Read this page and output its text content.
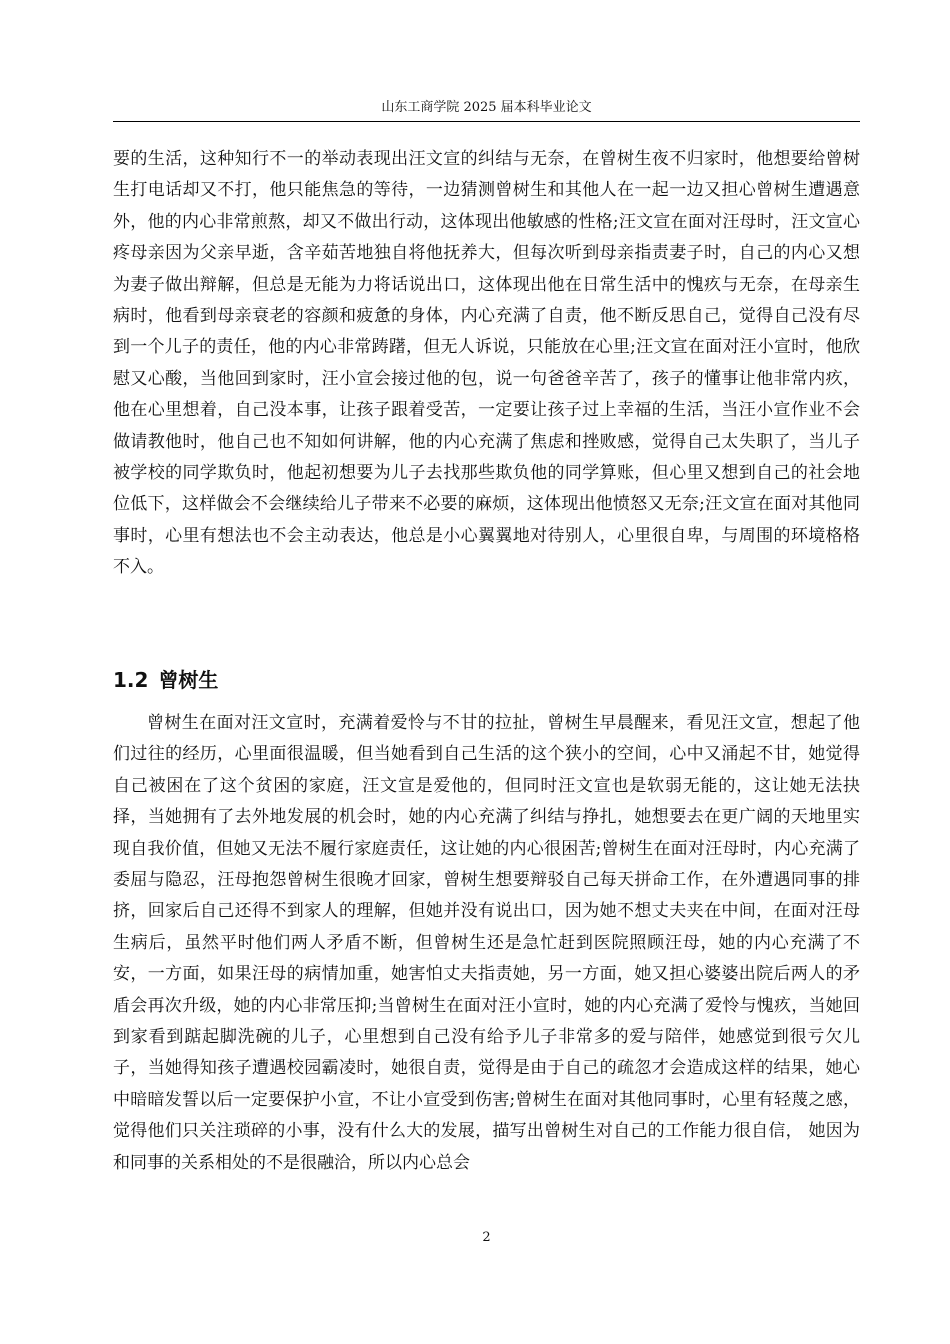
山东工商学院 2025 届本科毕业论文

要的生活，这种知行不一的举动表现出汪文宣的纠结与无奈，在曾树生夜不归家时，他想要给曾树生打电话却又不打，他只能焦急的等待，一边猜测曾树生和其他人在一起一边又担心曾树生遭遇意外，他的内心非常煎熬，却又不做出行动，这体现出他敏感的性格;汪文宣在面对汪母时，汪文宣心疼母亲因为父亲早逝，含辛茹苦地独自将他抚养大，但每次听到母亲指责妻子时，自己的内心又想为妻子做出辩解，但总是无能为力将话说出口，这体现出他在日常生活中的愧疚与无奈，在母亲生病时，他看到母亲衰老的容颜和疲惫的身体，内心充满了自责，他不断反思自己，觉得自己没有尽到一个儿子的责任，他的内心非常踌躇，但无人诉说，只能放在心里;汪文宣在面对汪小宣时，他欣慰又心酸，当他回到家时，汪小宣会接过他的包，说一句爸爸辛苦了，孩子的懂事让他非常内疚，他在心里想着，自己没本事，让孩子跟着受苦，一定要让孩子过上幸福的生活，当汪小宣作业不会做请教他时，他自己也不知如何讲解，他的内心充满了焦虑和挫败感，觉得自己太失职了，当儿子被学校的同学欺负时，他起初想要为儿子去找那些欺负他的同学算账，但心里又想到自己的社会地位低下，这样做会不会继续给儿子带来不必要的麻烦，这体现出他愤怒又无奈;汪文宣在面对其他同事时，心里有想法也不会主动表达，他总是小心翼翼地对待别人，心里很自卑，与周围的环境格格不入。

1.2 曾树生

曾树生在面对汪文宣时，充满着爱怜与不甘的拉扯，曾树生早晨醒来，看见汪文宣，想起了他们过往的经历，心里面很温暖，但当她看到自己生活的这个狭小的空间，心中又涌起不甘，她觉得自己被困在了这个贫困的家庭，汪文宣是爱他的，但同时汪文宣也是软弱无能的，这让她无法抉择，当她拥有了去外地发展的机会时，她的内心充满了纠结与挣扎，她想要去在更广阔的天地里实现自我价值，但她又无法不履行家庭责任，这让她的内心很困苦;曾树生在面对汪母时，内心充满了委屈与隐忍，汪母抱怨曾树生很晚才回家，曾树生想要辩驳自己每天拼命工作，在外遭遇同事的排挤，回家后自己还得不到家人的理解，但她并没有说出口，因为她不想丈夫夹在中间，在面对汪母生病后，虽然平时他们两人矛盾不断，但曾树生还是急忙赶到医院照顾汪母，她的内心充满了不安，一方面，如果汪母的病情加重，她害怕丈夫指责她，另一方面，她又担心婆婆出院后两人的矛盾会再次升级，她的内心非常压抑;当曾树生在面对汪小宣时，她的内心充满了爱怜与愧疚，当她回到家看到踮起脚洗碗的儿子，心里想到自己没有给予儿子非常多的爱与陪伴，她感觉到很亏欠儿子，当她得知孩子遭遇校园霸凌时，她很自责，觉得是由于自己的疏忽才会造成这样的结果，她心中暗暗发誓以后一定要保护小宣，不让小宣受到伤害;曾树生在面对其他同事时，心里有轻蔑之感，觉得他们只关注琐碎的小事，没有什么大的发展，描写出曾树生对自己的工作能力很自信， 她因为和同事的关系相处的不是很融洽，所以内心总会

2
